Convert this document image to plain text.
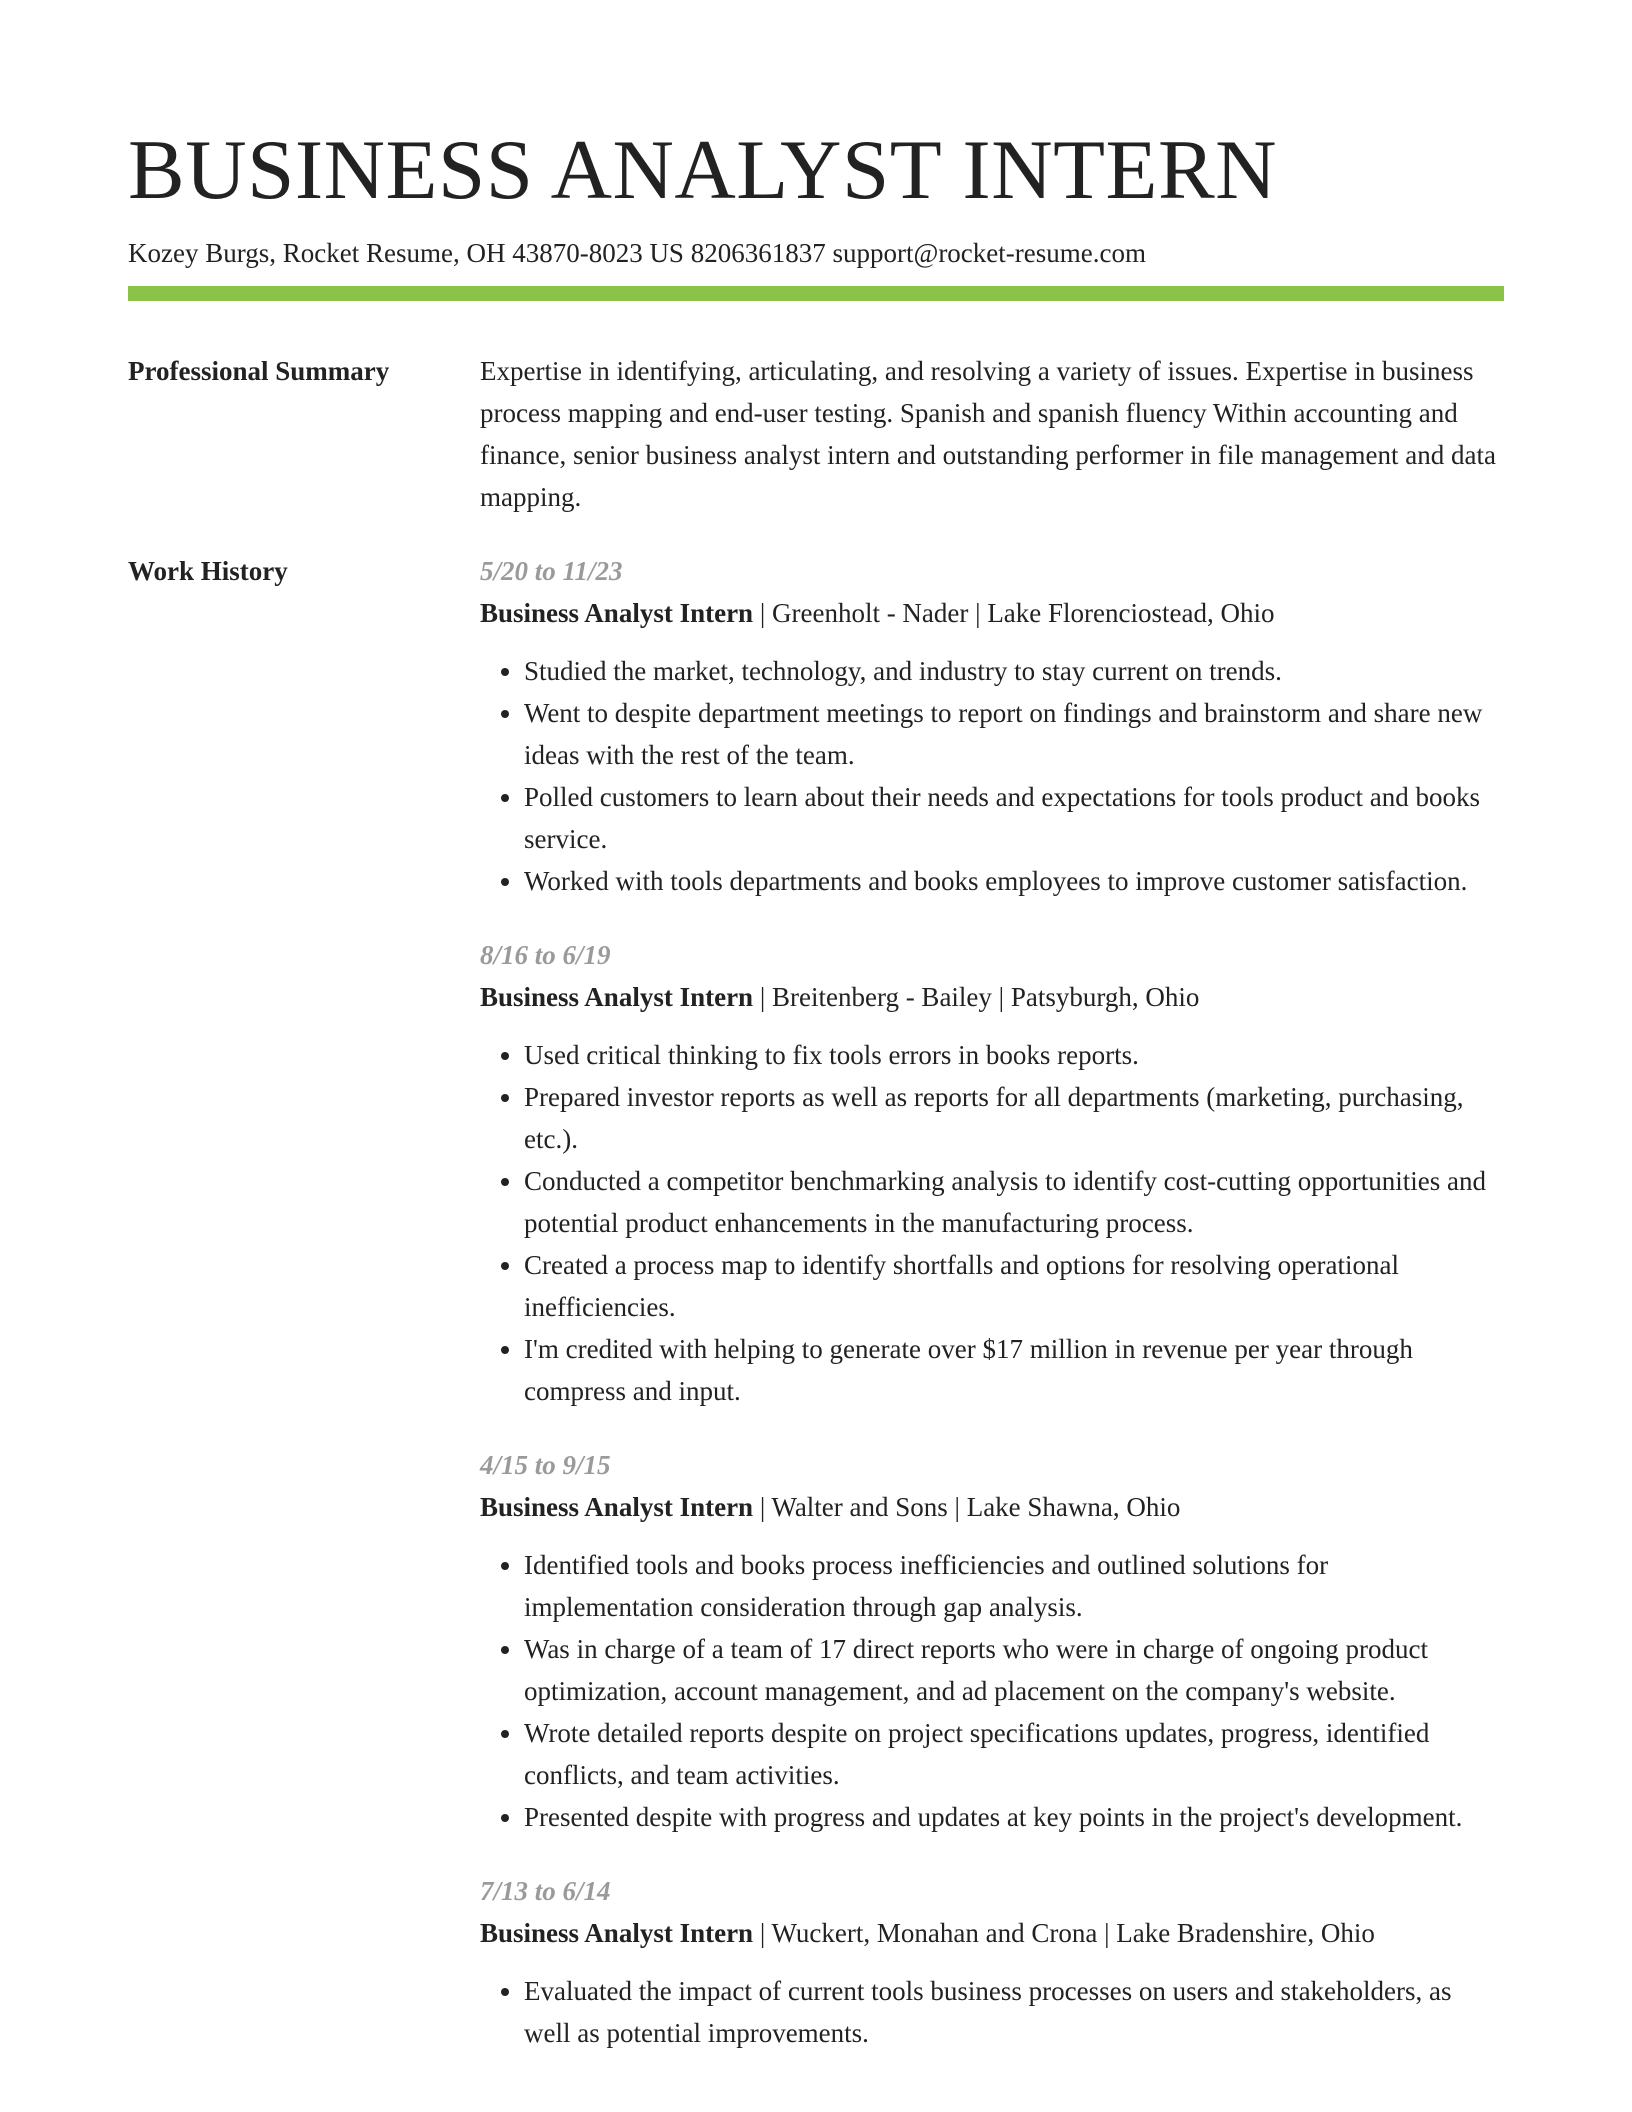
BUSINESS ANALYST INTERN
Kozey Burgs, Rocket Resume, OH 43870-8023 US 8206361837 support@rocket-resume.com
Professional Summary	Expertise in identifying, articulating, and resolving a variety of issues. Expertise in business process mapping and end-user testing. Spanish and spanish fluency Within accounting and finance, senior business analyst intern and outstanding performer in file management and data mapping.

Work History	5/20 to 11/23
Business Analyst Intern | Greenholt - Nader | Lake Florenciostead, Ohio
• Studied the market, technology, and industry to stay current on trends.
• Went to despite department meetings to report on findings and brainstorm and share new ideas with the rest of the team.
• Polled customers to learn about their needs and expectations for tools product and books service.
• Worked with tools departments and books employees to improve customer satisfaction.
8/16 to 6/19
Business Analyst Intern | Breitenberg - Bailey | Patsyburgh, Ohio
• Used critical thinking to fix tools errors in books reports.
• Prepared investor reports as well as reports for all departments (marketing, purchasing, etc.).
• Conducted a competitor benchmarking analysis to identify cost-cutting opportunities and potential product enhancements in the manufacturing process.
• Created a process map to identify shortfalls and options for resolving operational inefficiencies.
• I'm credited with helping to generate over $17 million in revenue per year through compress and input.
4/15 to 9/15
Business Analyst Intern | Walter and Sons | Lake Shawna, Ohio
• Identified tools and books process inefficiencies and outlined solutions for implementation consideration through gap analysis.
• Was in charge of a team of 17 direct reports who were in charge of ongoing product optimization, account management, and ad placement on the company's website.
• Wrote detailed reports despite on project specifications updates, progress, identified conflicts, and team activities.
• Presented despite with progress and updates at key points in the project's development.
7/13 to 6/14
Business Analyst Intern | Wuckert, Monahan and Crona | Lake Bradenshire, Ohio
• Evaluated the impact of current tools business processes on users and stakeholders, as well as potential improvements.
